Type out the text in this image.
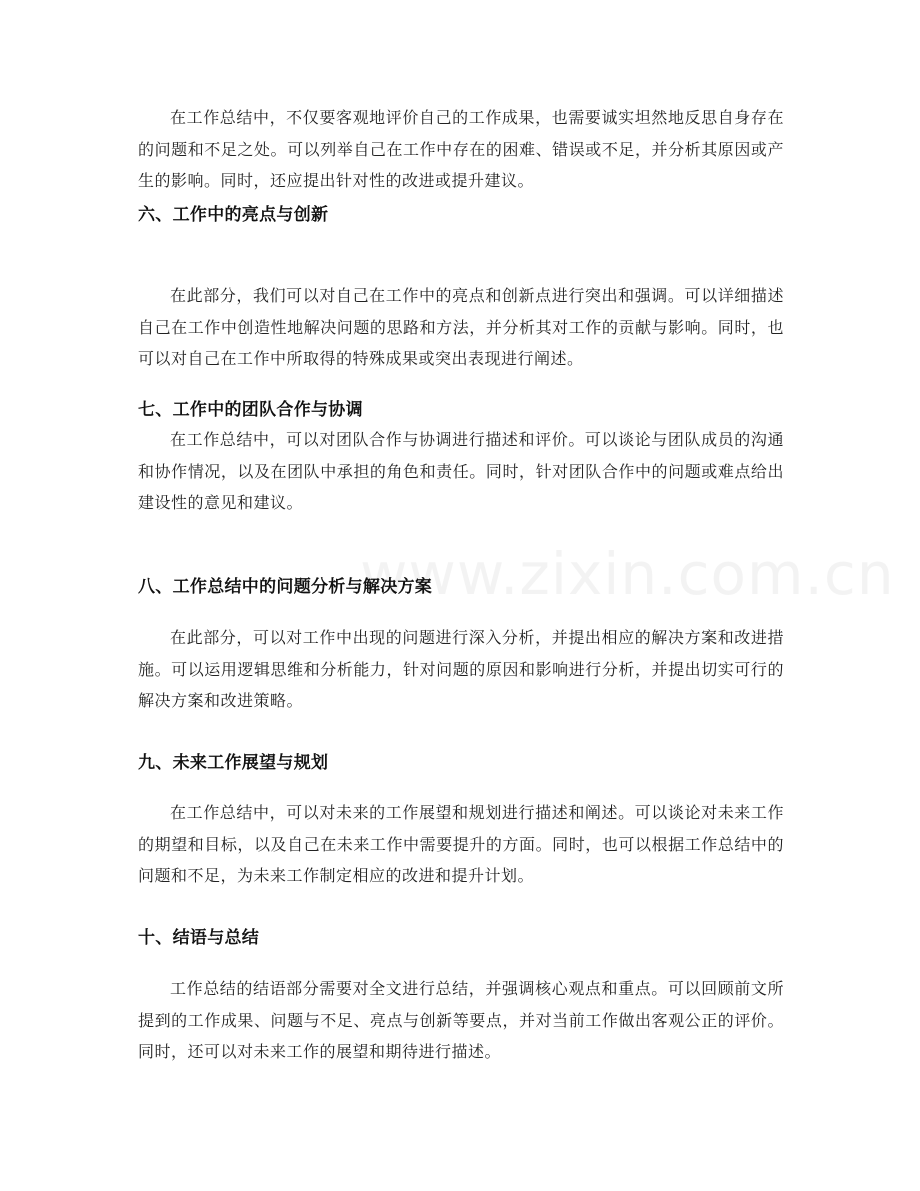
www.zixin.com.cn

在工作总结中，不仅要客观地评价自己的工作成果，也需要诚实坦然地反思自身存在的问题和不足之处。可以列举自己在工作中存在的困难、错误或不足，并分析其原因或产生的影响。同时，还应提出针对性的改进或提升建议。

六、工作中的亮点与创新

在此部分，我们可以对自己在工作中的亮点和创新点进行突出和强调。可以详细描述自己在工作中创造性地解决问题的思路和方法，并分析其对工作的贡献与影响。同时，也可以对自己在工作中所取得的特殊成果或突出表现进行阐述。

七、工作中的团队合作与协调

在工作总结中，可以对团队合作与协调进行描述和评价。可以谈论与团队成员的沟通和协作情况，以及在团队中承担的角色和责任。同时，针对团队合作中的问题或难点给出建设性的意见和建议。

八、工作总结中的问题分析与解决方案

在此部分，可以对工作中出现的问题进行深入分析，并提出相应的解决方案和改进措施。可以运用逻辑思维和分析能力，针对问题的原因和影响进行分析，并提出切实可行的解决方案和改进策略。

九、未来工作展望与规划

在工作总结中，可以对未来的工作展望和规划进行描述和阐述。可以谈论对未来工作的期望和目标，以及自己在未来工作中需要提升的方面。同时，也可以根据工作总结中的问题和不足，为未来工作制定相应的改进和提升计划。

十、结语与总结

工作总结的结语部分需要对全文进行总结，并强调核心观点和重点。可以回顾前文所提到的工作成果、问题与不足、亮点与创新等要点，并对当前工作做出客观公正的评价。同时，还可以对未来工作的展望和期待进行描述。
